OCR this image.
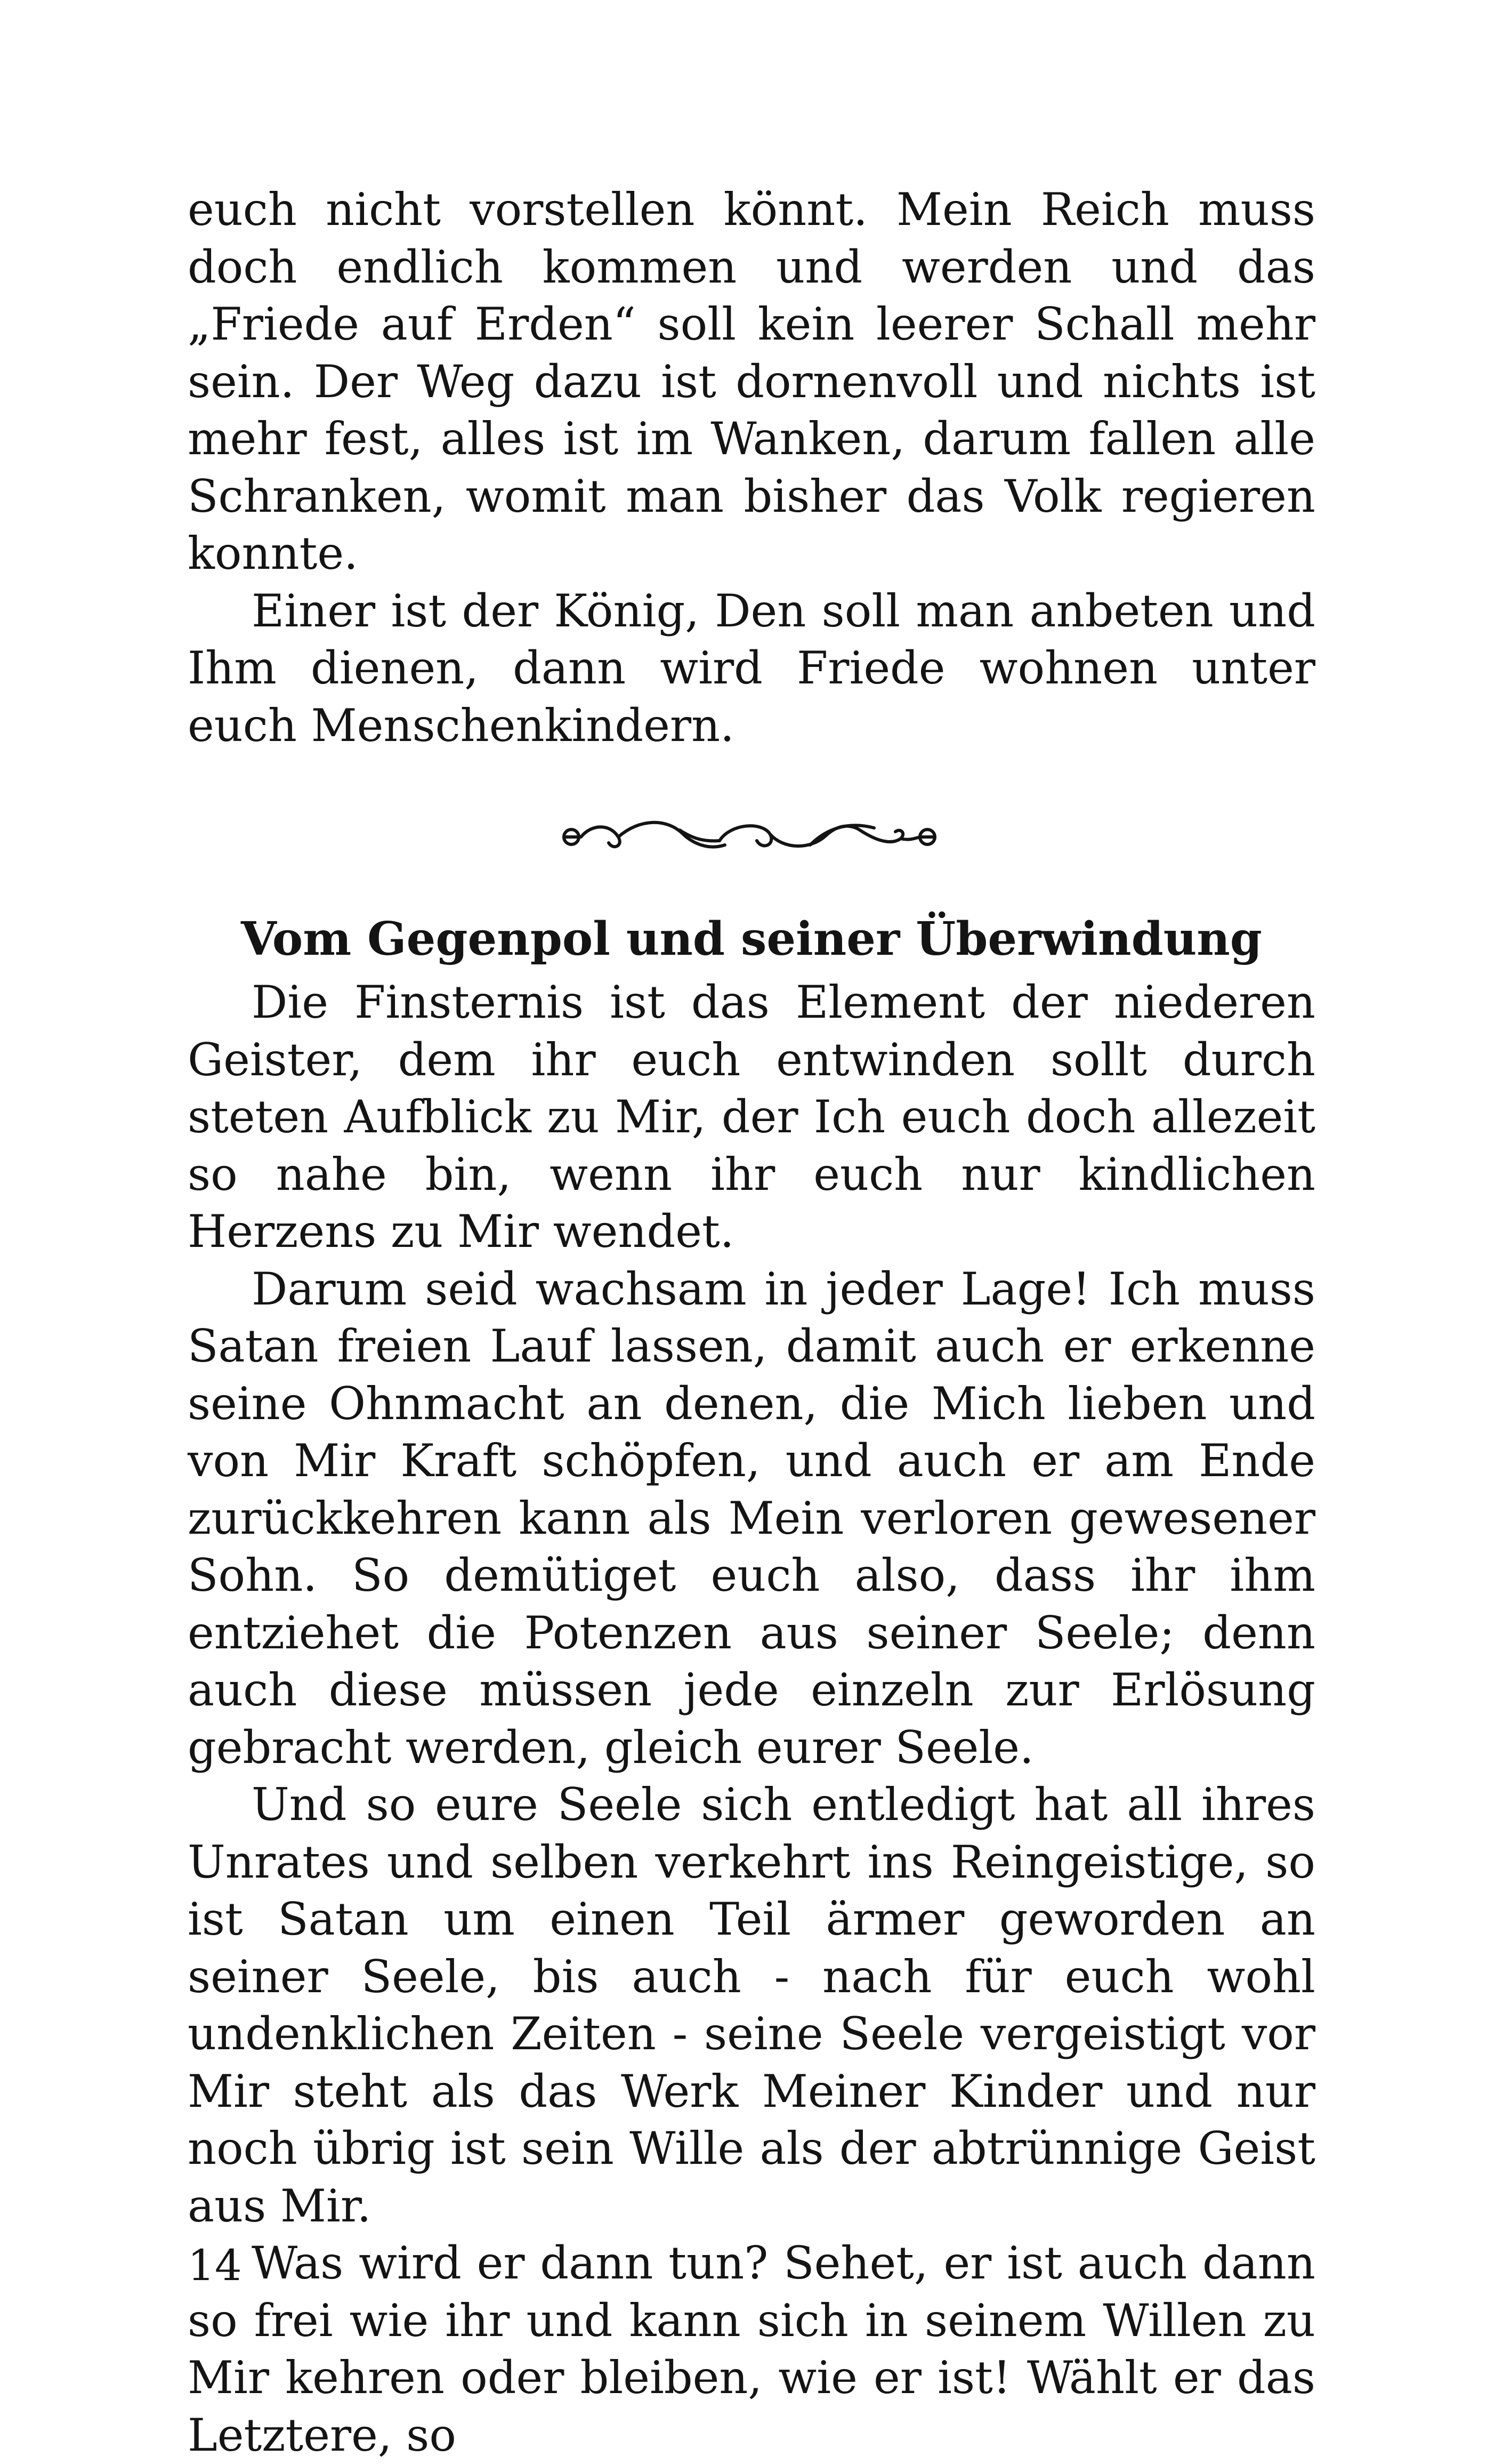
euch nicht vorstellen könnt. Mein Reich muss doch endlich kommen und werden und das „Friede auf Erden“ soll kein leerer Schall mehr sein. Der Weg dazu ist dornenvoll und nichts ist mehr fest, alles ist im Wanken, darum fallen alle Schranken, womit man bisher das Volk regieren konnte.

Einer ist der König, Den soll man anbeten und Ihm dienen, dann wird Friede wohnen unter euch Menschenkindern.

Vom Gegenpol und seiner Überwindung

Die Finsternis ist das Element der niederen Geister, dem ihr euch entwinden sollt durch steten Aufblick zu Mir, der Ich euch doch allezeit so nahe bin, wenn ihr euch nur kindlichen Herzens zu Mir wendet.

Darum seid wachsam in jeder Lage! Ich muss Satan freien Lauf lassen, damit auch er erkenne seine Ohnmacht an denen, die Mich lieben und von Mir Kraft schöpfen, und auch er am Ende zurückkehren kann als Mein verloren gewesener Sohn. So demütiget euch also, dass ihr ihm entziehet die Potenzen aus seiner Seele; denn auch diese müssen jede einzeln zur Erlösung gebracht werden, gleich eurer Seele.

Und so eure Seele sich entledigt hat all ihres Unrates und selben verkehrt ins Reingeistige, so ist Satan um einen Teil ärmer geworden an seiner Seele, bis auch - nach für euch wohl undenklichen Zeiten - seine Seele vergeistigt vor Mir steht als das Werk Meiner Kinder und nur noch übrig ist sein Wille als der abtrünnige Geist aus Mir.

Was wird er dann tun? Sehet, er ist auch dann so frei wie ihr und kann sich in seinem Willen zu Mir kehren oder bleiben, wie er ist! Wählt er das Letztere, so

14
